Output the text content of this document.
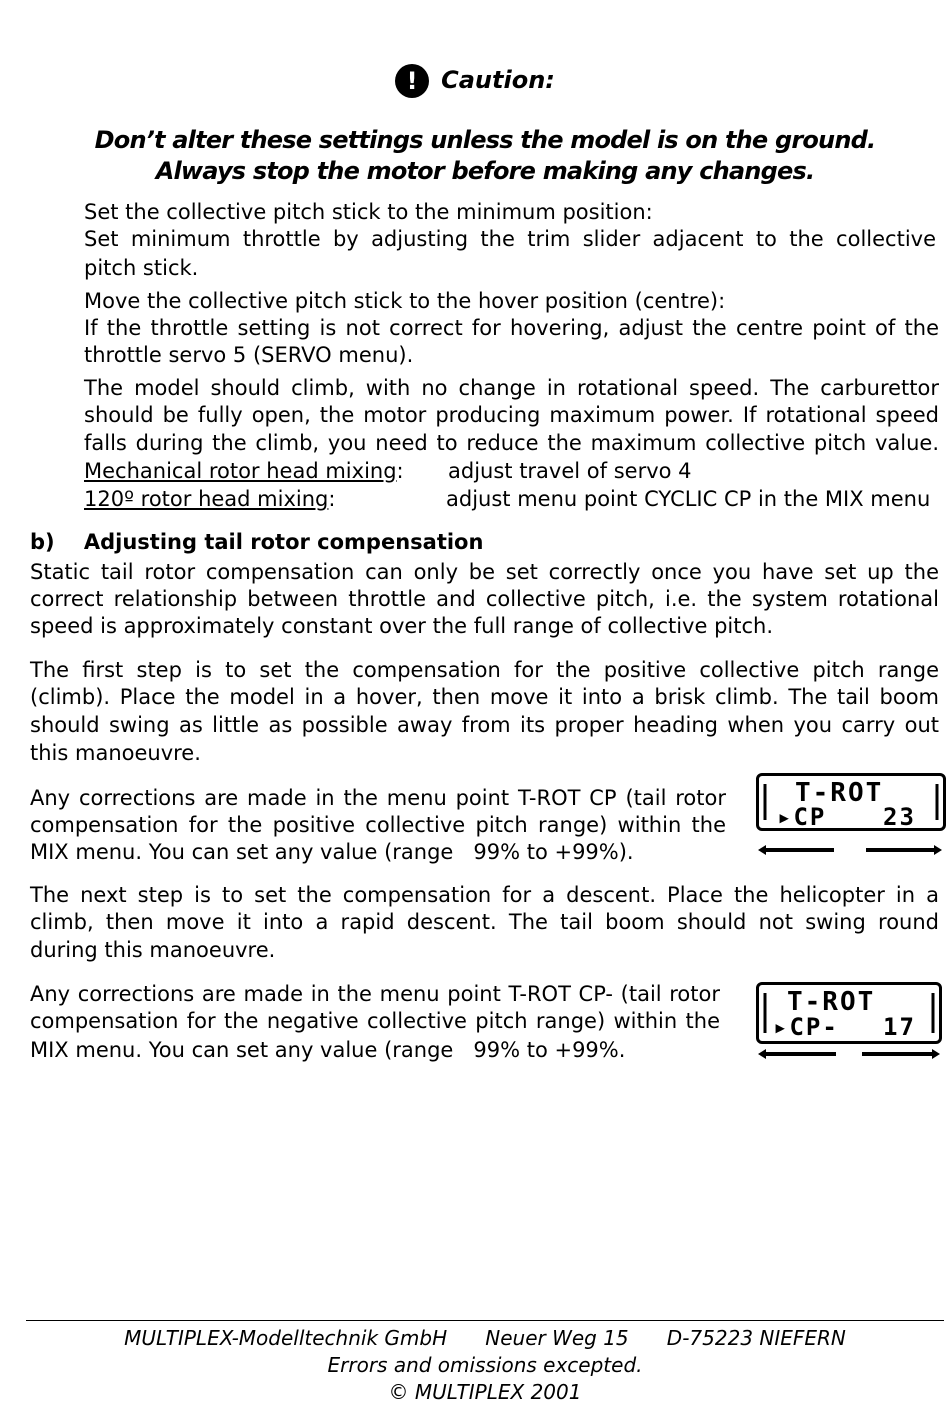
! Caution:
Don’t alter these settings unless the model is on the ground.
Always stop the motor before making any changes.
Set the collective pitch stick to the minimum position:
Set minimum throttle by adjusting the trim slider adjacent to the collective
pitch stick.
Move the collective pitch stick to the hover position (centre):
If the throttle setting is not correct for hovering, adjust the centre point of the
throttle servo 5 (SERVO menu).
The model should climb, with no change in rotational speed. The carburettor
should be fully open, the motor producing maximum power. If rotational speed
falls during the climb, you need to reduce the maximum collective pitch value.
Mechanical rotor head mixing: adjust travel of servo 4
120º rotor head mixing:	adjust menu point CYCLIC CP in the MIX menu
b)    Adjusting tail rotor compensation
Static tail rotor compensation can only be set correctly once you have set up the
correct relationship between throttle and collective pitch, i.e. the system rotational
speed is approximately constant over the full range of collective pitch.
The first step is to set the compensation for the positive collective pitch range
(climb). Place the model in a hover, then move it into a brisk climb. The tail boom
should swing as little as possible away from its proper heading when you carry out
this manoeuvre.
Any corrections are made in the menu point T-ROT CP (tail rotor
compensation for the positive collective pitch range) within the
MIX menu. You can set any value (range   99% to +99%).
T-ROT
▸CP 23
The next step is to set the compensation for a descent. Place the helicopter in a
climb, then move it into a rapid descent. The tail boom should not swing round
during this manoeuvre.
Any corrections are made in the menu point T-ROT CP- (tail rotor
compensation for the negative collective pitch range) within the
MIX menu. You can set any value (range   99% to +99%.
T-ROT
▸CP- 17
MULTIPLEX-Modelltechnik GmbH      Neuer Weg 15      D-75223 NIEFERN
Errors and omissions excepted.
© MULTIPLEX 2001
